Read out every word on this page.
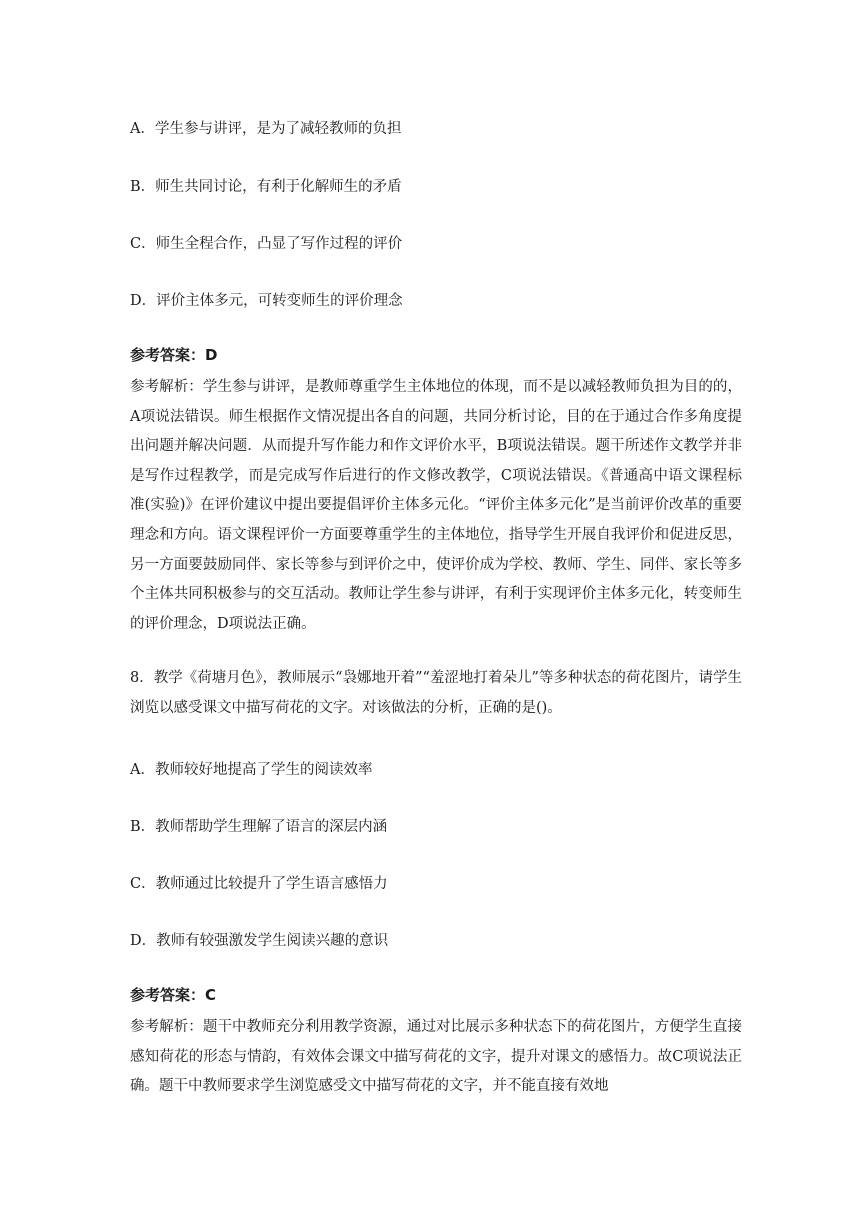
A．学生参与讲评，是为了减轻教师的负担
B．师生共同讨论，有利于化解师生的矛盾
C．师生全程合作，凸显了写作过程的评价
D．评价主体多元，可转变师生的评价理念
参考答案：D
参考解析：学生参与讲评，是教师尊重学生主体地位的体现，而不是以减轻教师负担为目的的，A项说法错误。师生根据作文情况提出各自的问题，共同分析讨论，目的在于通过合作多角度提出问题并解决问题．从而提升写作能力和作文评价水平，B项说法错误。题干所述作文教学并非是写作过程教学，而是完成写作后进行的作文修改教学，C项说法错误。《普通高中语文课程标准(实验)》在评价建议中提出要提倡评价主体多元化。“评价主体多元化”是当前评价改革的重要理念和方向。语文课程评价一方面要尊重学生的主体地位，指导学生开展自我评价和促进反思，另一方面要鼓励同伴、家长等参与到评价之中，使评价成为学校、教师、学生、同伴、家长等多个主体共同积极参与的交互活动。教师让学生参与讲评，有利于实现评价主体多元化，转变师生的评价理念，D项说法正确。
8．教学《荷塘月色》，教师展示“袅娜地开着”“羞涩地打着朵儿”等多种状态的荷花图片，请学生浏览以感受课文中描写荷花的文字。对该做法的分析，正确的是()。
A．教师较好地提高了学生的阅读效率
B．教师帮助学生理解了语言的深层内涵
C．教师通过比较提升了学生语言感悟力
D．教师有较强激发学生阅读兴趣的意识
参考答案：C
参考解析：题干中教师充分利用教学资源，通过对比展示多种状态下的荷花图片，方便学生直接感知荷花的形态与情韵，有效体会课文中描写荷花的文字，提升对课文的感悟力。故C项说法正确。题干中教师要求学生浏览感受文中描写荷花的文字，并不能直接有效地
